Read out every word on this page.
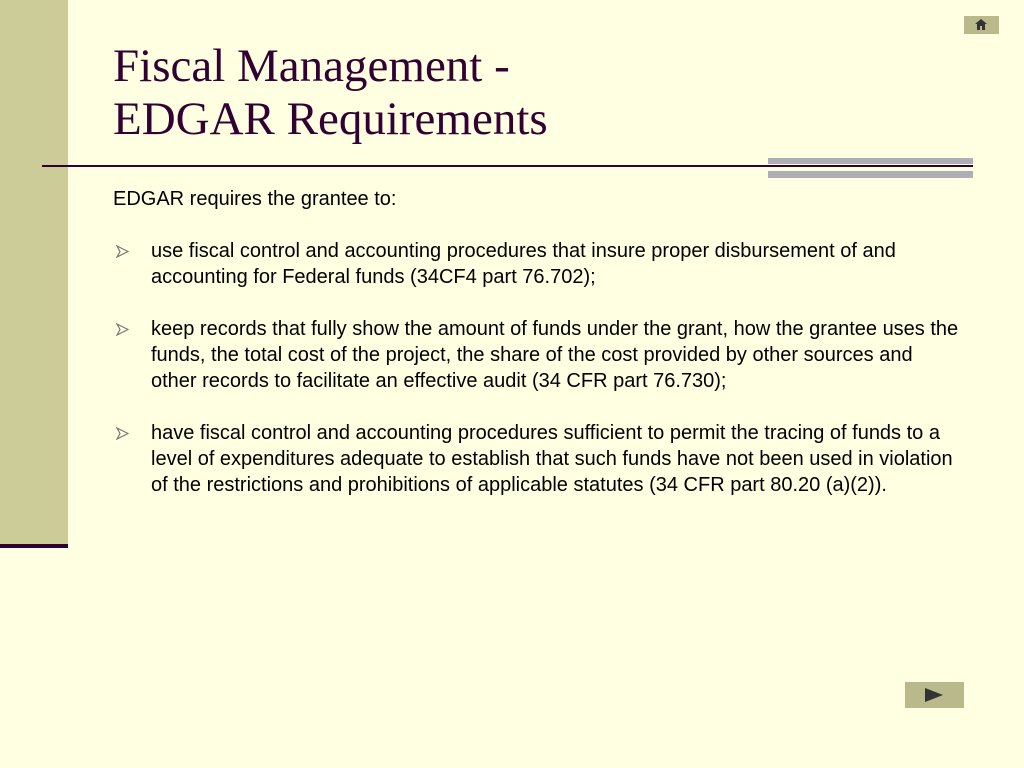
Fiscal Management -
EDGAR Requirements

EDGAR requires the grantee to:

use fiscal control and accounting procedures that insure proper disbursement of and accounting for Federal funds (34CF4 part 76.702);
keep records that fully show the amount of funds under the grant, how the grantee uses the funds, the total cost of the project, the share of the cost provided by other sources and other records to facilitate an effective audit (34 CFR part 76.730);
have fiscal control and accounting procedures sufficient to permit the tracing of funds to a level of expenditures adequate to establish that such funds have not been used in violation of the restrictions and prohibitions of applicable statutes (34 CFR part 80.20 (a)(2)).
